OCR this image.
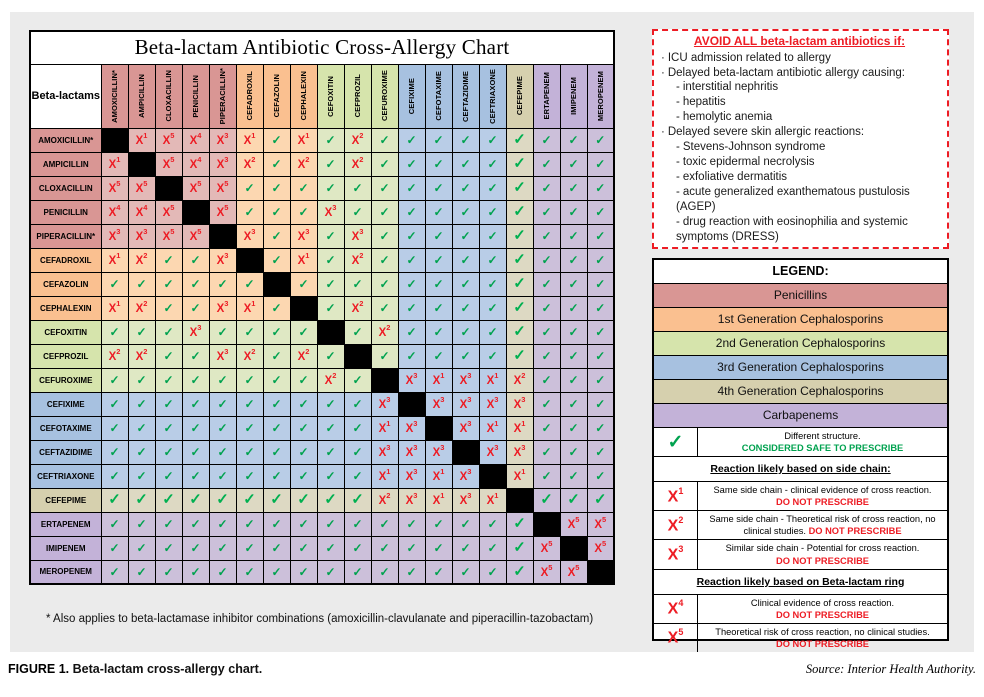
Beta-lactam Antibiotic Cross-Allergy Chart																			
Beta-lactams	AMOXICILLIN*	AMPICILLIN	CLOXACILLIN	PENICILLIN	PIPERACILLIN*	CEFADROXIL	CEFAZOLIN	CEPHALEXIN	CEFOXITIN	CEFPROZIL	CEFUROXIME	CEFIXIME	CEFOTAXIME	CEFTAZIDIME	CEFTRIAXONE	CEFEPIME	ERTAPENEM	IMIPENEM	MEROPENEM

AMOXICILLIN*		$X^1$	$X^5$	$X^4$	$X^3$	$X^1$	✓	$X^1$	✓	$X^2$	✓	✓	✓	✓	✓	✓	✓	✓	✓
AMPICILLIN	$X^1$		$X^5$	$X^4$	$X^3$	$X^2$	✓	$X^2$	✓	$X^2$	✓	✓	✓	✓	✓	✓	✓	✓	✓
CLOXACILLIN	$X^5$	$X^5$		$X^5$	$X^5$	✓	✓	✓	✓	✓	✓	✓	✓	✓	✓	✓	✓	✓	✓
PENICILLIN	$X^4$	$X^4$	$X^5$		$X^5$	✓	✓	✓	$X^3$	✓	✓	✓	✓	✓	✓	✓	✓	✓	✓
PIPERACILLIN*	$X^3$	$X^3$	$X^5$	$X^5$		$X^3$	✓	$X^3$	✓	$X^3$	✓	✓	✓	✓	✓	✓	✓	✓	✓
CEFADROXIL	$X^1$	$X^2$	✓	✓	$X^3$		✓	$X^1$	✓	$X^2$	✓	✓	✓	✓	✓	✓	✓	✓	✓
CEFAZOLIN	✓	✓	✓	✓	✓	✓		✓	✓	✓	✓	✓	✓	✓	✓	✓	✓	✓	✓
CEPHALEXIN	$X^1$	$X^2$	✓	✓	$X^3$	$X^1$	✓		✓	$X^2$	✓	✓	✓	✓	✓	✓	✓	✓	✓
CEFOXITIN	✓	✓	✓	$X^3$	✓	✓	✓	✓		✓	$X^2$	✓	✓	✓	✓	✓	✓	✓	✓
CEFPROZIL	$X^2$	$X^2$	✓	✓	$X^3$	$X^2$	✓	$X^2$	✓		✓	✓	✓	✓	✓	✓	✓	✓	✓
CEFUROXIME	✓	✓	✓	✓	✓	✓	✓	✓	$X^2$	✓		$X^3$	$X^1$	$X^3$	$X^1$	$X^2$	✓	✓	✓
CEFIXIME	✓	✓	✓	✓	✓	✓	✓	✓	✓	✓	$X^3$		$X^3$	$X^3$	$X^3$	$X^3$	✓	✓	✓
CEFOTAXIME	✓	✓	✓	✓	✓	✓	✓	✓	✓	✓	$X^1$	$X^3$		$X^3$	$X^1$	$X^1$	✓	✓	✓
CEFTAZIDIME	✓	✓	✓	✓	✓	✓	✓	✓	✓	✓	$X^3$	$X^3$	$X^3$		$X^3$	$X^3$	✓	✓	✓
CEFTRIAXONE	✓	✓	✓	✓	✓	✓	✓	✓	✓	✓	$X^1$	$X^3$	$X^1$	$X^3$		$X^1$	✓	✓	✓
CEFEPIME	✓	✓	✓	✓	✓	✓	✓	✓	✓	✓	$X^2$	$X^3$	$X^1$	$X^3$	$X^1$		✓	✓	✓
ERTAPENEM	✓	✓	✓	✓	✓	✓	✓	✓	✓	✓	✓	✓	✓	✓	✓	✓		$X^5$	$X^5$
IMIPENEM	✓	✓	✓	✓	✓	✓	✓	✓	✓	✓	✓	✓	✓	✓	✓	✓	$X^5$		$X^5$
MEROPENEM	✓	✓	✓	✓	✓	✓	✓	✓	✓	✓	✓	✓	✓	✓	✓	✓	$X^5$	$X^5$	
* Also applies to beta-lactamase inhibitor combinations (amoxicillin-clavulanate and piperacillin-tazobactam)
AVOID ALL beta-lactam antibiotics if:
· ICU admission related to allergy
· Delayed beta-lactam antibiotic allergy causing:
- interstitial nephritis
- hepatitis
- hemolytic anemia
· Delayed severe skin allergic reactions:
- Stevens-Johnson syndrome
- toxic epidermal necrolysis
- exfoliative dermatitis
- acute generalized exanthematous pustulosis (AGEP)
- drug reaction with eosinophilia and systemic symptoms (DRESS)
LEGEND:
Penicillins
1st Generation Cephalosporins
2nd Generation Cephalosporins
3rd Generation Cephalosporins
4th Generation Cephalosporins
Carbapenems
✓	Different structure.
CONSIDERED SAFE TO PRESCRIBE
Reaction likely based on side chain:
$X^1$	Same side chain - clinical evidence of cross reaction.
DO NOT PRESCRIBE
$X^2$	Same side chain - Theoretical risk of cross reaction, no clinical studies. DO NOT PRESCRIBE
$X^3$	Similar side chain - Potential for cross reaction.
DO NOT PRESCRIBE
Reaction likely based on Beta-lactam ring
$X^4$	Clinical evidence of cross reaction.
DO NOT PRESCRIBE
$X^5$	Theoretical risk of cross reaction, no clinical studies.
DO NOT PRESCRIBE
FIGURE 1. Beta-lactam cross-allergy chart.	Source: Interior Health Authority.
